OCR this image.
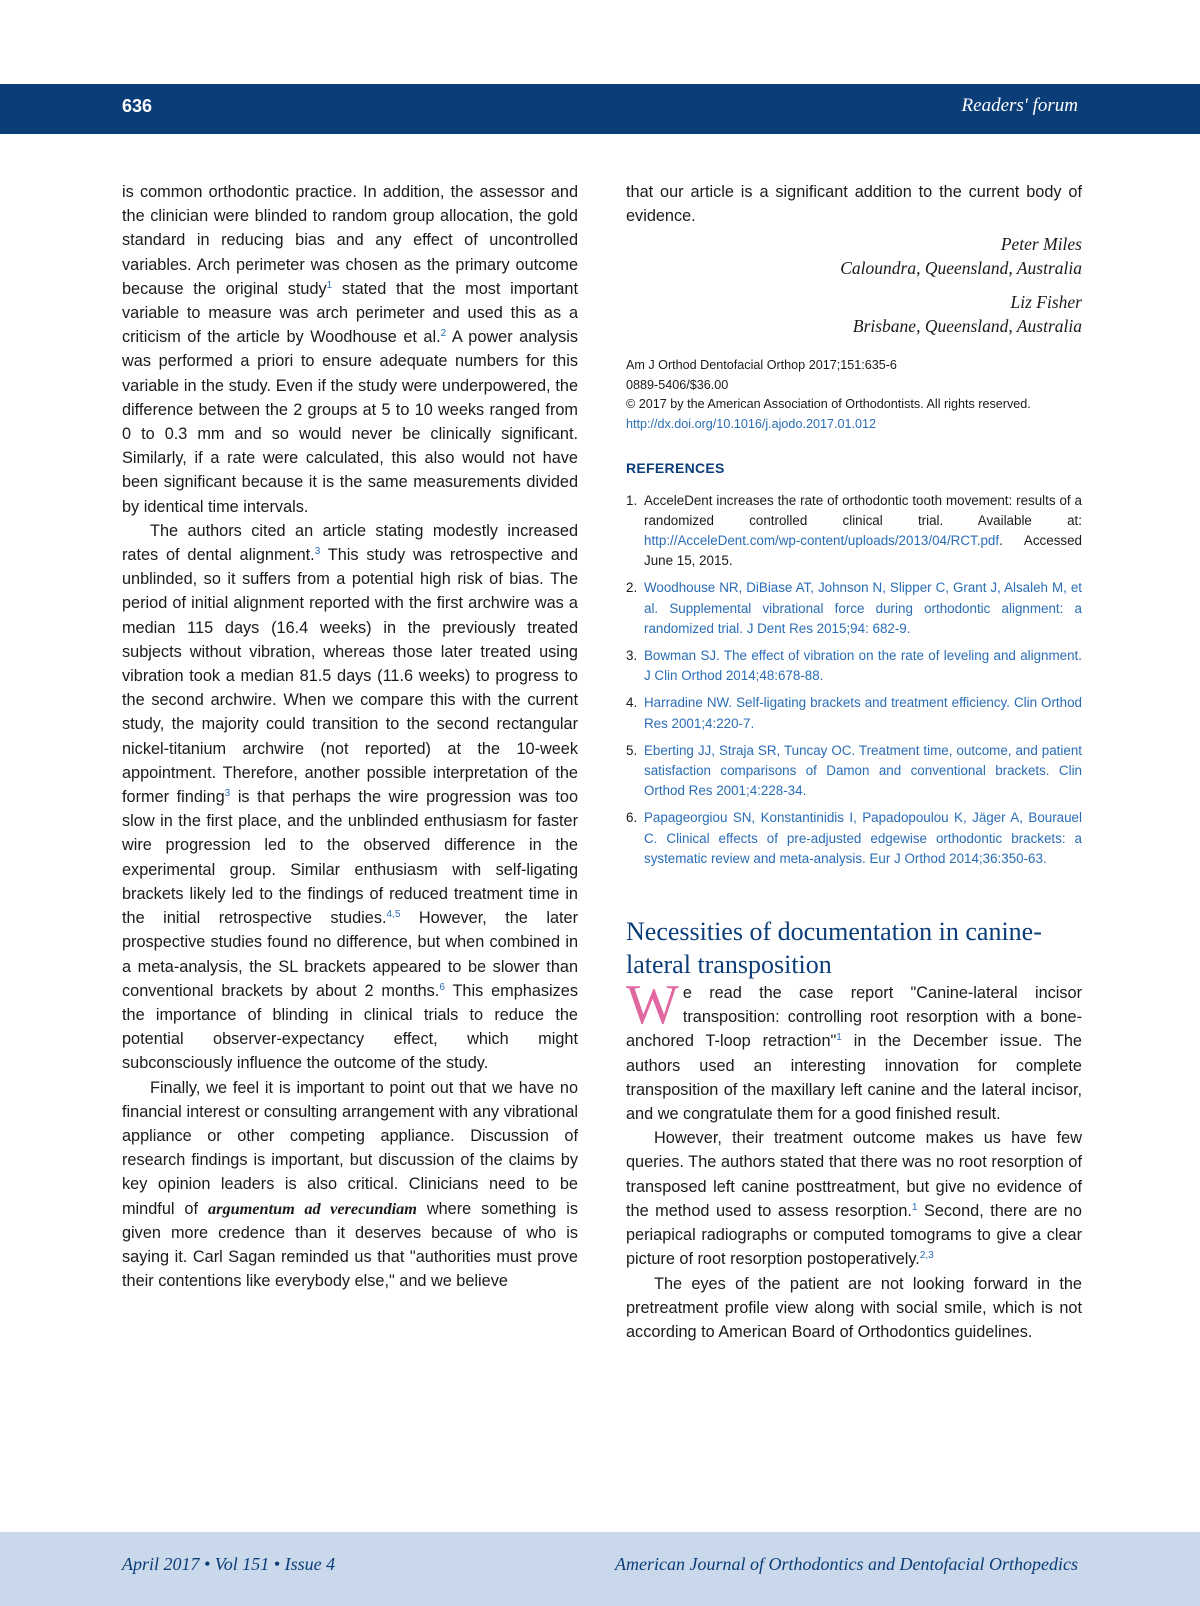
636	Readers' forum

is common orthodontic practice. In addition, the assessor and the clinician were blinded to random group allocation, the gold standard in reducing bias and any effect of uncontrolled variables. Arch perimeter was chosen as the primary outcome because the original study$^1$ stated that the most important variable to measure was arch perimeter and used this as a criticism of the article by Woodhouse et al.$^2$ A power analysis was performed a priori to ensure adequate numbers for this variable in the study. Even if the study were underpowered, the difference between the 2 groups at 5 to 10 weeks ranged from 0 to 0.3 mm and so would never be clinically significant. Similarly, if a rate were calculated, this also would not have been significant because it is the same measurements divided by identical time intervals.

The authors cited an article stating modestly increased rates of dental alignment.$^3$ This study was retrospective and unblinded, so it suffers from a potential high risk of bias. The period of initial alignment reported with the first archwire was a median 115 days (16.4 weeks) in the previously treated subjects without vibration, whereas those later treated using vibration took a median 81.5 days (11.6 weeks) to progress to the second archwire. When we compare this with the current study, the majority could transition to the second rectangular nickel-titanium archwire (not reported) at the 10-week appointment. Therefore, another possible interpretation of the former finding$^3$ is that perhaps the wire progression was too slow in the first place, and the unblinded enthusiasm for faster wire progression led to the observed difference in the experimental group. Similar enthusiasm with self-ligating brackets likely led to the findings of reduced treatment time in the initial retrospective studies.$^{4,5}$ However, the later prospective studies found no difference, but when combined in a meta-analysis, the SL brackets appeared to be slower than conventional brackets by about 2 months.$^6$ This emphasizes the importance of blinding in clinical trials to reduce the potential observer-expectancy effect, which might subconsciously influence the outcome of the study.

Finally, we feel it is important to point out that we have no financial interest or consulting arrangement with any vibrational appliance or other competing appliance. Discussion of research findings is important, but discussion of the claims by key opinion leaders is also critical. Clinicians need to be mindful of argumentum ad verecundiam where something is given more credence than it deserves because of who is saying it. Carl Sagan reminded us that "authorities must prove their contentions like everybody else," and we believe

that our article is a significant addition to the current body of evidence.

Peter Miles
Caloundra, Queensland, Australia
Liz Fisher
Brisbane, Queensland, Australia
Am J Orthod Dentofacial Orthop 2017;151:635-6
0889-5406/$36.00
© 2017 by the American Association of Orthodontists. All rights reserved.
http://dx.doi.org/10.1016/j.ajodo.2017.01.012
REFERENCES
1. AcceleDent increases the rate of orthodontic tooth movement: results of a randomized controlled clinical trial. Available at: http://AcceleDent.com/wp-content/uploads/2013/04/RCT.pdf. Accessed June 15, 2015.
2. Woodhouse NR, DiBiase AT, Johnson N, Slipper C, Grant J, Alsaleh M, et al. Supplemental vibrational force during orthodontic alignment: a randomized trial. J Dent Res 2015;94: 682-9.
3. Bowman SJ. The effect of vibration on the rate of leveling and alignment. J Clin Orthod 2014;48:678-88.
4. Harradine NW. Self-ligating brackets and treatment efficiency. Clin Orthod Res 2001;4:220-7.
5. Eberting JJ, Straja SR, Tuncay OC. Treatment time, outcome, and patient satisfaction comparisons of Damon and conventional brackets. Clin Orthod Res 2001;4:228-34.
6. Papageorgiou SN, Konstantinidis I, Papadopoulou K, Jäger A, Bourauel C. Clinical effects of pre-adjusted edgewise orthodontic brackets: a systematic review and meta-analysis. Eur J Orthod 2014;36:350-63.
Necessities of documentation in canine-lateral transposition

We read the case report "Canine-lateral incisor transposition: controlling root resorption with a bone-anchored T-loop retraction"$^1$ in the December issue. The authors used an interesting innovation for complete transposition of the maxillary left canine and the lateral incisor, and we congratulate them for a good finished result.

However, their treatment outcome makes us have few queries. The authors stated that there was no root resorption of transposed left canine posttreatment, but give no evidence of the method used to assess resorption.$^1$ Second, there are no periapical radiographs or computed tomograms to give a clear picture of root resorption postoperatively.$^{2,3}$

The eyes of the patient are not looking forward in the pretreatment profile view along with social smile, which is not according to American Board of Orthodontics guidelines.

April 2017 • Vol 151 • Issue 4	American Journal of Orthodontics and Dentofacial Orthopedics
